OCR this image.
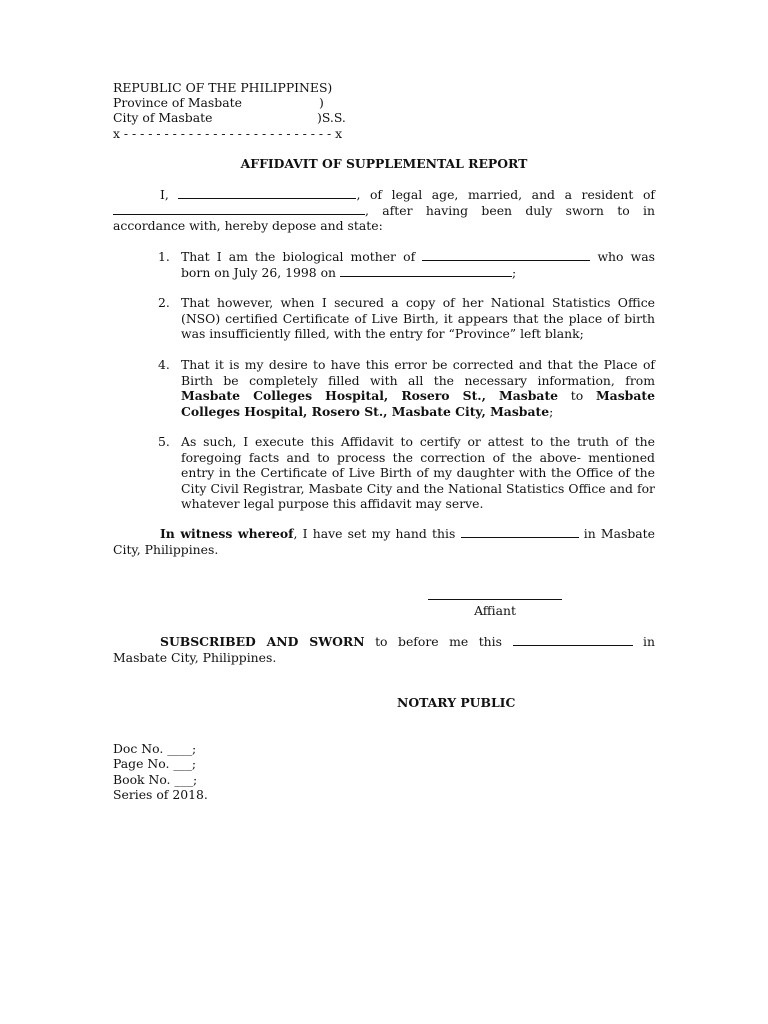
REPUBLIC OF THE PHILIPPINES)
Province of Masbate	)
City of Masbate	)S.S.
x - - - - - - - - - - - - - - - - - - - - - - - - - - x
AFFIDAVIT OF SUPPLEMENTAL REPORT
I,	, of legal age, married, and a resident of , after having been duly sworn to in accordance with, hereby depose and state:
1. That I am the biological mother of	who was born on July 26, 1998 on	;
2. That however, when I secured a copy of her National Statistics Office (NSO) certified Certificate of Live Birth, it appears that the place of birth was insufficiently filled, with the entry for “Province” left blank;
4. That it is my desire to have this error be corrected and that the Place of Birth be completely filled with all the necessary information, from Masbate Colleges Hospital, Rosero St., Masbate to Masbate Colleges Hospital, Rosero St., Masbate City, Masbate;
5. As such, I execute this Affidavit to certify or attest to the truth of the foregoing facts and to process the correction of the above- mentioned entry in the Certificate of Live Birth of my daughter with the Office of the City Civil Registrar, Masbate City and the National Statistics Office and for whatever legal purpose this affidavit may serve.
In witness whereof, I have set my hand this	in Masbate City, Philippines.
Affiant
SUBSCRIBED AND SWORN to before me this	in Masbate City, Philippines.
NOTARY PUBLIC
Doc No. ____;
Page No. ___;
Book No. ___;
Series of 2018.
